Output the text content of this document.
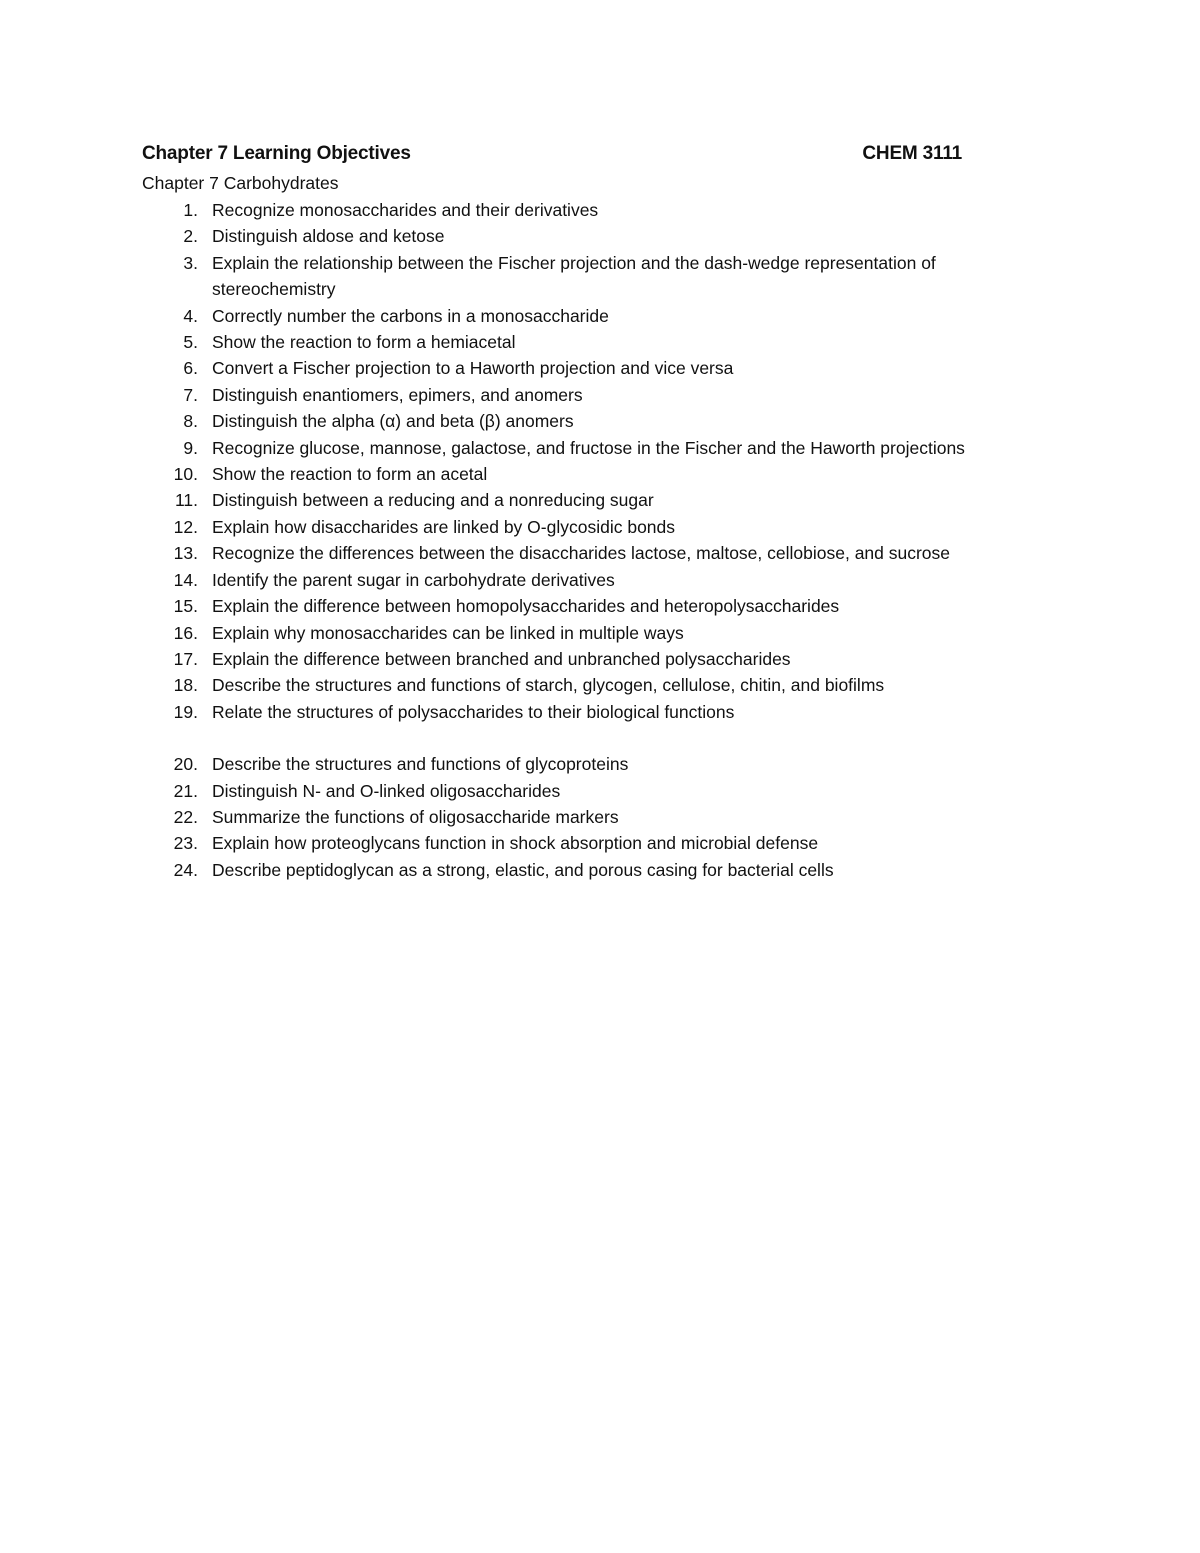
Chapter 7 Learning Objectives	CHEM 3111
Chapter 7 Carbohydrates
1. Recognize monosaccharides and their derivatives
2. Distinguish aldose and ketose
3. Explain the relationship between the Fischer projection and the dash-wedge representation of stereochemistry
4. Correctly number the carbons in a monosaccharide
5. Show the reaction to form a hemiacetal
6. Convert a Fischer projection to a Haworth projection and vice versa
7. Distinguish enantiomers, epimers, and anomers
8. Distinguish the alpha (α) and beta (β) anomers
9. Recognize glucose, mannose, galactose, and fructose in the Fischer and the Haworth projections
10. Show the reaction to form an acetal
11. Distinguish between a reducing and a nonreducing sugar
12. Explain how disaccharides are linked by O-glycosidic bonds
13. Recognize the differences between the disaccharides lactose, maltose, cellobiose, and sucrose
14. Identify the parent sugar in carbohydrate derivatives
15. Explain the difference between homopolysaccharides and heteropolysaccharides
16. Explain why monosaccharides can be linked in multiple ways
17. Explain the difference between branched and unbranched polysaccharides
18. Describe the structures and functions of starch, glycogen, cellulose, chitin, and biofilms
19. Relate the structures of polysaccharides to their biological functions
20. Describe the structures and functions of glycoproteins
21. Distinguish N- and O-linked oligosaccharides
22. Summarize the functions of oligosaccharide markers
23. Explain how proteoglycans function in shock absorption and microbial defense
24. Describe peptidoglycan as a strong, elastic, and porous casing for bacterial cells
